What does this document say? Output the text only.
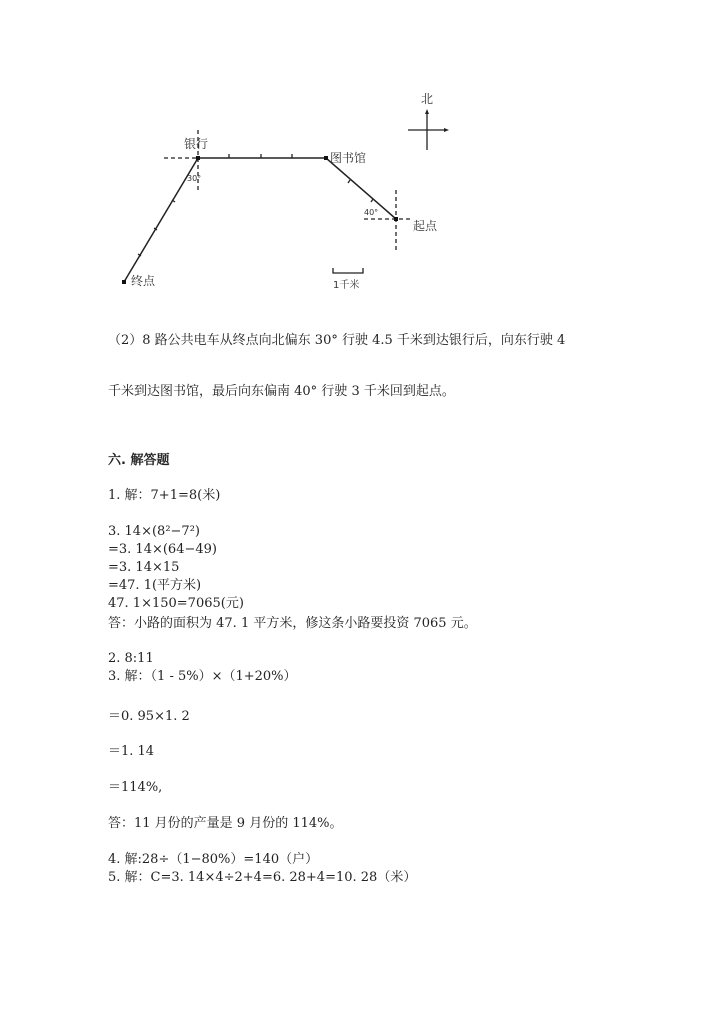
北
银行
图书馆
起点
终点
30°
40°
1千米
（2）8 路公共电车从终点向北偏东 30° 行驶 4.5 千米到达银行后，向东行驶 4
千米到达图书馆，最后向东偏南 40° 行驶 3 千米回到起点。
六. 解答题
1. 解：7+1=8(米)
3. 14×(8²−7²)
=3. 14×(64−49)
=3. 14×15
=47. 1(平方米)
47. 1×150=7065(元)
答：小路的面积为 47. 1 平方米，修这条小路要投资 7065 元。
2. 8:11
3. 解：（1 - 5%）×（1+20%）
＝0. 95×1. 2
＝1. 14
＝114%,
答：11 月份的产量是 9 月份的 114%。
4. 解:28÷（1−80%）=140（户）
5. 解：C=3. 14×4÷2+4=6. 28+4=10. 28（米）
